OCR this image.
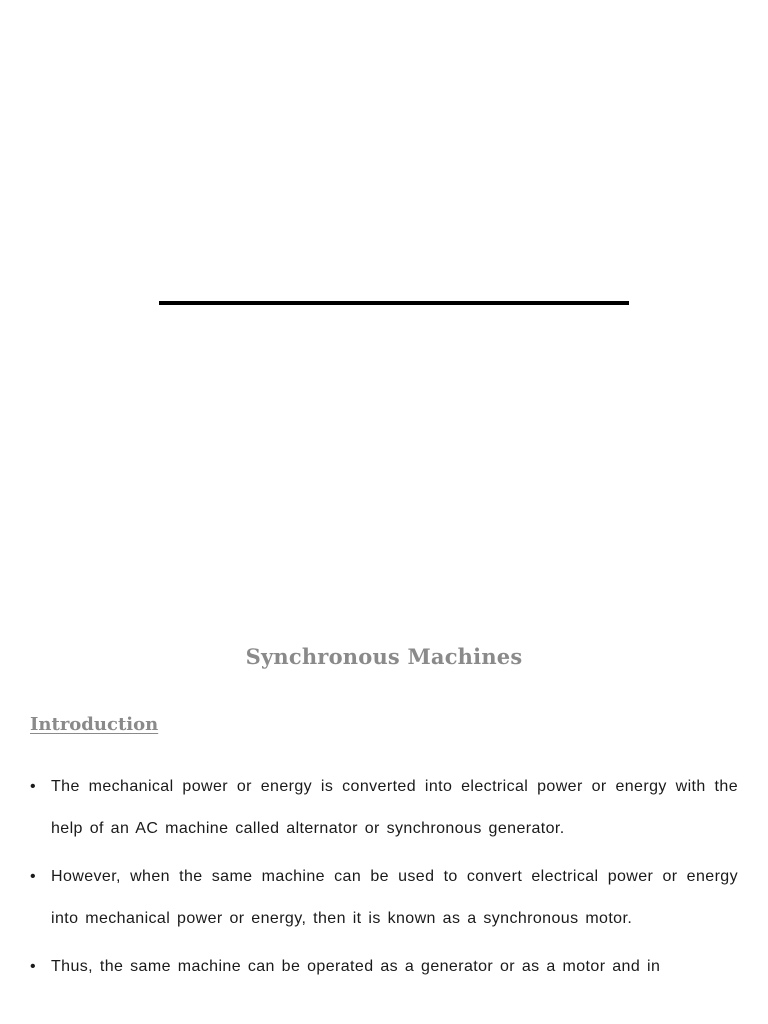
Synchronous Machines
Introduction
• The mechanical power or energy is converted into electrical power or energy with the help of an AC machine called alternator or synchronous generator.
• However, when the same machine can be used to convert electrical power or energy into mechanical power or energy, then it is known as a synchronous motor.
• Thus, the same machine can be operated as a generator or as a motor and in
